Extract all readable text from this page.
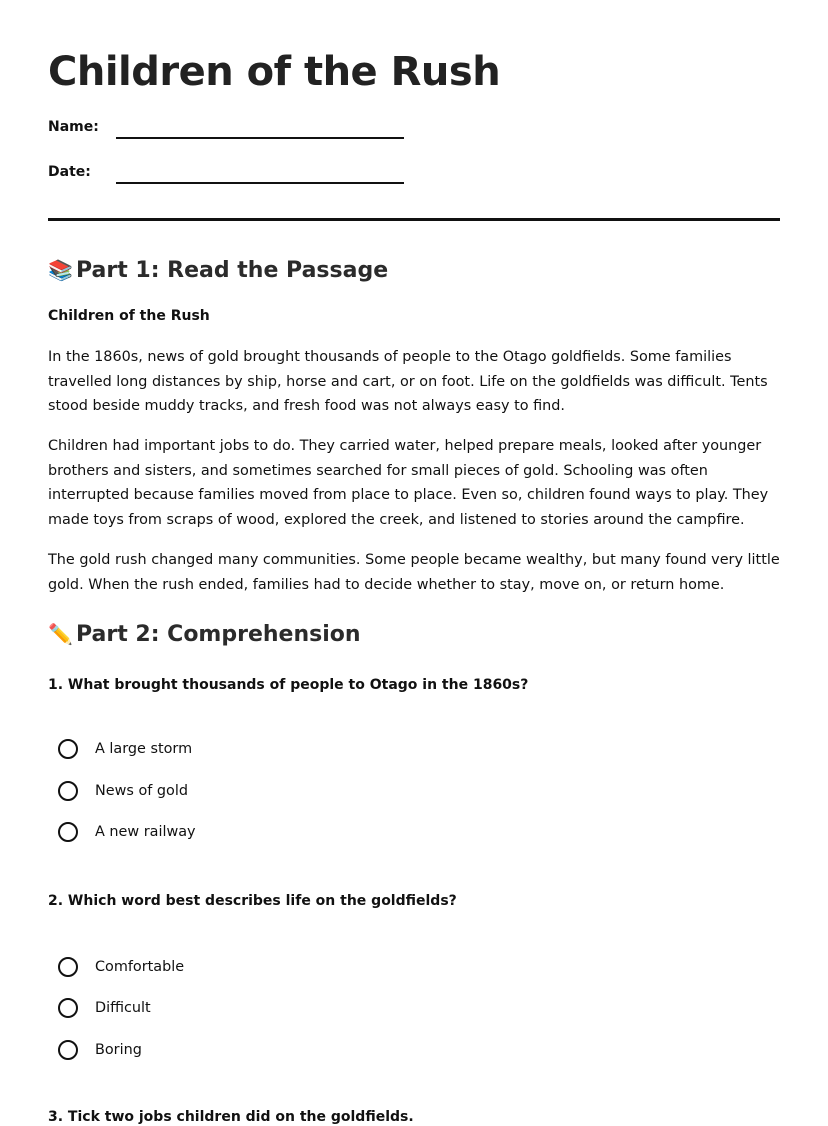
Children of the Rush
Name:
Date:
📚 Part 1: Read the Passage
Children of the Rush

In the 1860s, news of gold brought thousands of people to the Otago goldfields. Some families travelled long distances by ship, horse and cart, or on foot. Life on the goldfields was difficult. Tents stood beside muddy tracks, and fresh food was not always easy to find.

Children had important jobs to do. They carried water, helped prepare meals, looked after younger brothers and sisters, and sometimes searched for small pieces of gold. Schooling was often interrupted because families moved from place to place. Even so, children found ways to play. They made toys from scraps of wood, explored the creek, and listened to stories around the campfire.

The gold rush changed many communities. Some people became wealthy, but many found very little gold. When the rush ended, families had to decide whether to stay, move on, or return home.

✏️ Part 2: Comprehension
1. What brought thousands of people to Otago in the 1860s?
A large storm
News of gold
A new railway
2. Which word best describes life on the goldfields?
Comfortable
Difficult
Boring
3. Tick two jobs children did on the goldfields.
